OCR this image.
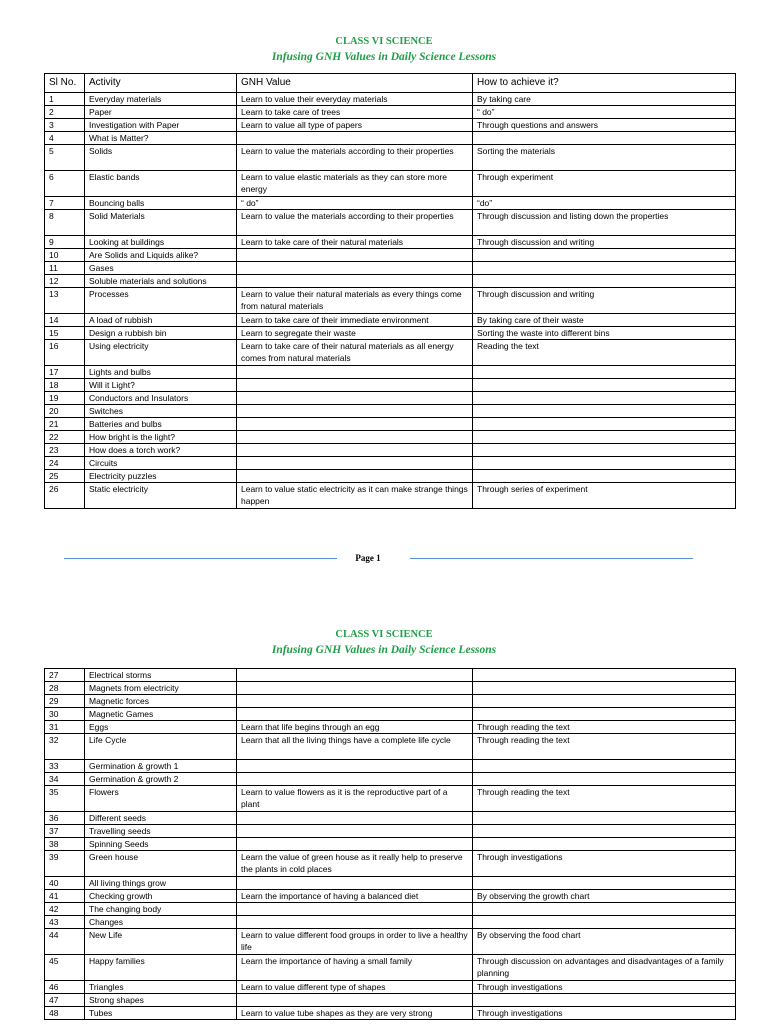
CLASS VI SCIENCE

Infusing GNH Values in Daily Science Lessons

Sl No.	Activity	GNH Value	How to achieve it?
1	Everyday materials	Learn to value their everyday materials	By taking care
2	Paper	Learn to take care of trees	“ do”
3	Investigation with Paper	Learn to value all type of papers	Through questions and answers
4	What is Matter?		
5	Solids	Learn to value the materials according to their properties	Sorting the materials
6	Elastic bands	Learn to value elastic materials as they can store more energy	Through experiment
7	Bouncing balls	“ do”	“do”
8	Solid Materials	Learn to value the materials according to their properties	Through discussion and listing down the properties
9	Looking at buildings	Learn to take care of their natural materials	Through discussion and writing
10	Are Solids and Liquids alike?		
11	Gases		
12	Soluble materials and solutions		
13	Processes	Learn to value their natural materials as every things come from natural materials	Through discussion and writing
14	A load of rubbish	Learn to take care of their immediate environment	By taking care of their waste
15	Design a rubbish bin	Learn to segregate their waste	Sorting the waste into different bins
16	Using electricity	Learn to take care of their natural materials as all energy comes from natural materials	Reading the text
17	Lights and bulbs		
18	Will it Light?		
19	Conductors and Insulators		
20	Switches		
21	Batteries and bulbs		
22	How bright is the light?		
23	How does a torch work?		
24	Circuits		
25	Electricity puzzles		
26	Static electricity	Learn to value static electricity as it can make strange things happen	Through series of experiment
Page 1

CLASS VI SCIENCE

Infusing GNH Values in Daily Science Lessons

27	Electrical storms		
28	Magnets from electricity		
29	Magnetic forces		
30	Magnetic Games		
31	Eggs	Learn that life begins through an egg	Through reading the text
32	Life Cycle	Learn that all the living things have a complete life cycle	Through reading the text
33	Germination & growth 1		
34	Germination & growth 2		
35	Flowers	Learn to value flowers as it is the reproductive part of a plant	Through reading the text
36	Different seeds		
37	Travelling seeds		
38	Spinning Seeds		
39	Green house	Learn the value of green house as it really help to preserve the plants in cold places	Through investigations
40	All living things grow		
41	Checking growth	Learn the importance of having a balanced diet	By observing the growth chart
42	The changing body		
43	Changes		
44	New Life	Learn to value different food groups in order to live a healthy life	By observing the food chart
45	Happy families	Learn the importance of having a small family	Through discussion on advantages and disadvantages of a family planning
46	Triangles	Learn to value different type of shapes	Through investigations
47	Strong shapes		
48	Tubes	Learn to value tube shapes as they are very strong	Through investigations
